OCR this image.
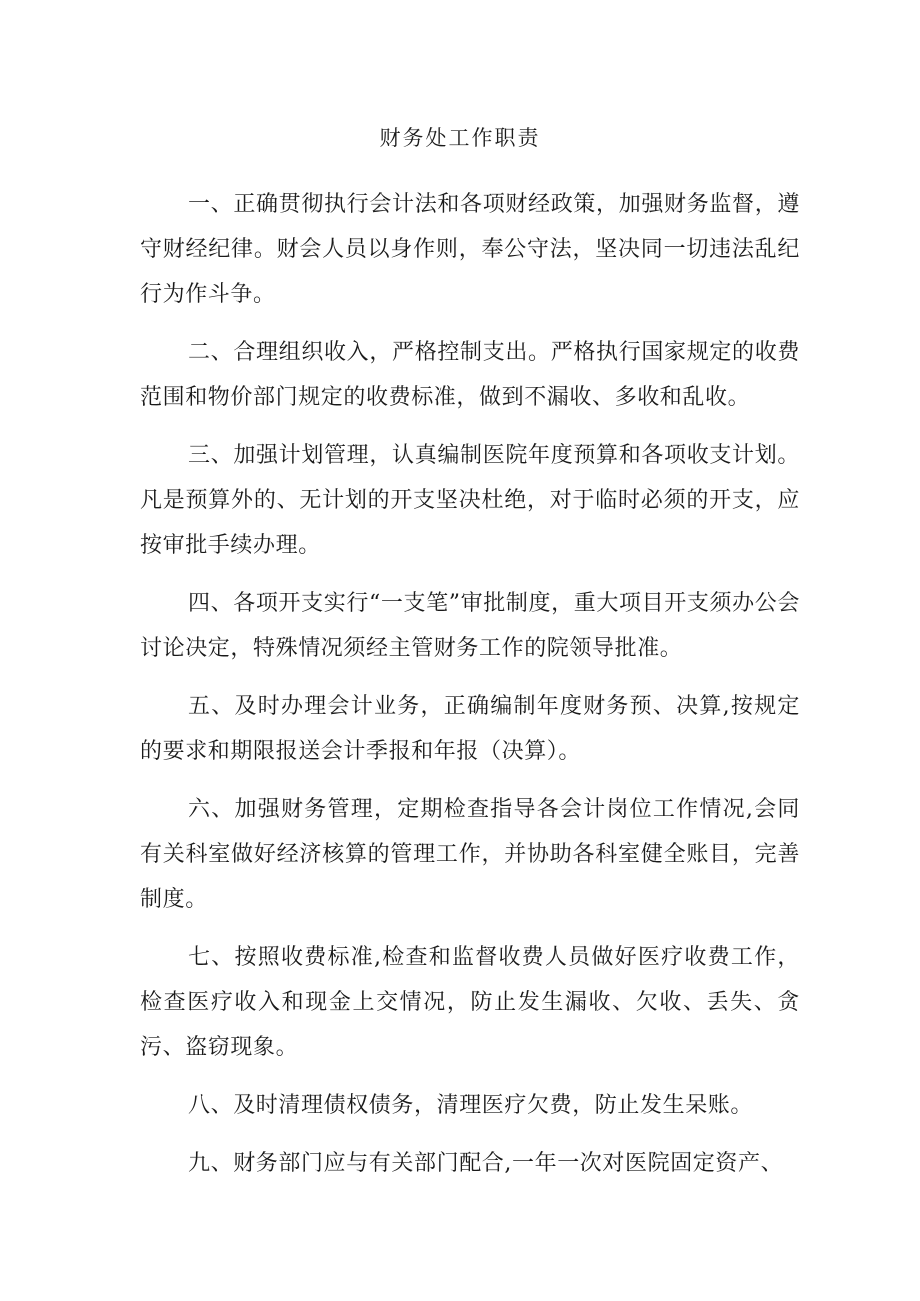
财务处工作职责

一、正确贯彻执行会计法和各项财经政策，加强财务监督，遵守财经纪律。财会人员以身作则，奉公守法，坚决同一切违法乱纪行为作斗争。

二、合理组织收入，严格控制支出。严格执行国家规定的收费范围和物价部门规定的收费标准，做到不漏收、多收和乱收。

三、加强计划管理，认真编制医院年度预算和各项收支计划。凡是预算外的、无计划的开支坚决杜绝，对于临时必须的开支，应按审批手续办理。

四、各项开支实行“一支笔”审批制度，重大项目开支须办公会讨论决定，特殊情况须经主管财务工作的院领导批准。

五、及时办理会计业务，正确编制年度财务预、决算,按规定的要求和期限报送会计季报和年报（决算）。

六、加强财务管理，定期检查指导各会计岗位工作情况,会同有关科室做好经济核算的管理工作，并协助各科室健全账目，完善制度。

七、按照收费标准,检查和监督收费人员做好医疗收费工作，检查医疗收入和现金上交情况，防止发生漏收、欠收、丢失、贪污、盗窃现象。

八、及时清理债权债务，清理医疗欠费，防止发生呆账。

九、财务部门应与有关部门配合,一年一次对医院固定资产、
